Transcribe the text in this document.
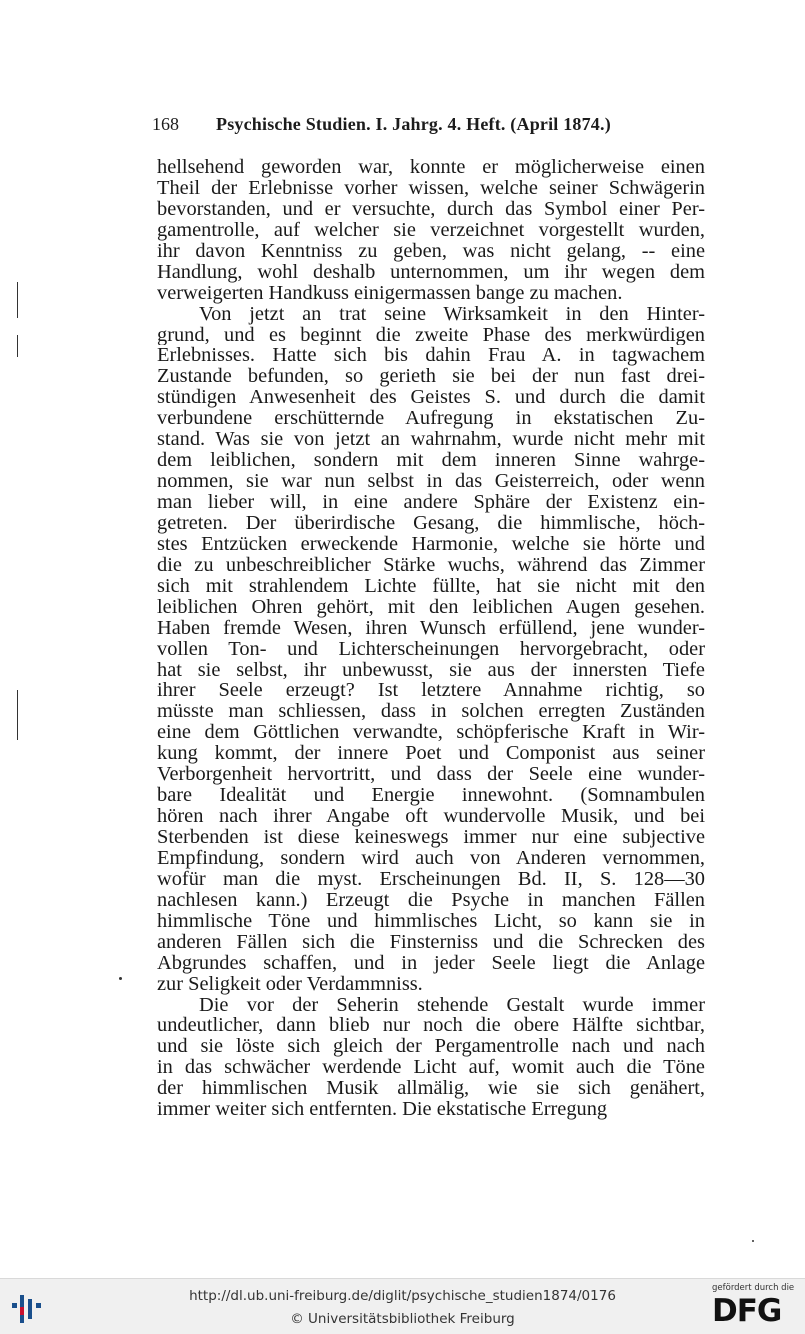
168 Psychische Studien. I. Jahrg. 4. Heft. (April 1874.)
hellsehend geworden war, konnte er möglicherweise einen
Theil der Erlebnisse vorher wissen, welche seiner Schwägerin
bevorstanden, und er versuchte, durch das Symbol einer Per-
gamentrolle, auf welcher sie verzeichnet vorgestellt wurden,
ihr davon Kenntniss zu geben, was nicht gelang, -- eine
Handlung, wohl deshalb unternommen, um ihr wegen dem
verweigerten Handkuss einigermassen bange zu machen.
Von jetzt an trat seine Wirksamkeit in den Hinter-
grund, und es beginnt die zweite Phase des merkwürdigen
Erlebnisses. Hatte sich bis dahin Frau A. in tagwachem
Zustande befunden, so gerieth sie bei der nun fast drei-
stündigen Anwesenheit des Geistes S. und durch die damit
verbundene erschütternde Aufregung in ekstatischen Zu-
stand. Was sie von jetzt an wahrnahm, wurde nicht mehr mit
dem leiblichen, sondern mit dem inneren Sinne wahrge-
nommen, sie war nun selbst in das Geisterreich, oder wenn
man lieber will, in eine andere Sphäre der Existenz ein-
getreten. Der überirdische Gesang, die himmlische, höch-
stes Entzücken erweckende Harmonie, welche sie hörte und
die zu unbeschreiblicher Stärke wuchs, während das Zimmer
sich mit strahlendem Lichte füllte, hat sie nicht mit den
leiblichen Ohren gehört, mit den leiblichen Augen gesehen.
Haben fremde Wesen, ihren Wunsch erfüllend, jene wunder-
vollen Ton- und Lichterscheinungen hervorgebracht, oder
hat sie selbst, ihr unbewusst, sie aus der innersten Tiefe
ihrer Seele erzeugt? Ist letztere Annahme richtig, so
müsste man schliessen, dass in solchen erregten Zuständen
eine dem Göttlichen verwandte, schöpferische Kraft in Wir-
kung kommt, der innere Poet und Componist aus seiner
Verborgenheit hervortritt, und dass der Seele eine wunder-
bare Idealität und Energie innewohnt. (Somnambulen
hören nach ihrer Angabe oft wundervolle Musik, und bei
Sterbenden ist diese keineswegs immer nur eine subjective
Empfindung, sondern wird auch von Anderen vernommen,
wofür man die myst. Erscheinungen Bd. II, S. 128—30
nachlesen kann.) Erzeugt die Psyche in manchen Fällen
himmlische Töne und himmlisches Licht, so kann sie in
anderen Fällen sich die Finsterniss und die Schrecken des
Abgrundes schaffen, und in jeder Seele liegt die Anlage
zur Seligkeit oder Verdammniss.
Die vor der Seherin stehende Gestalt wurde immer
undeutlicher, dann blieb nur noch die obere Hälfte sichtbar,
und sie löste sich gleich der Pergamentrolle nach und nach
in das schwächer werdende Licht auf, womit auch die Töne
der himmlischen Musik allmälig, wie sie sich genähert,
immer weiter sich entfernten. Die ekstatische Erregung
http://dl.ub.uni-freiburg.de/diglit/psychische_studien1874/0176
© Universitätsbibliothek Freiburg
gefördert durch die
DFG
